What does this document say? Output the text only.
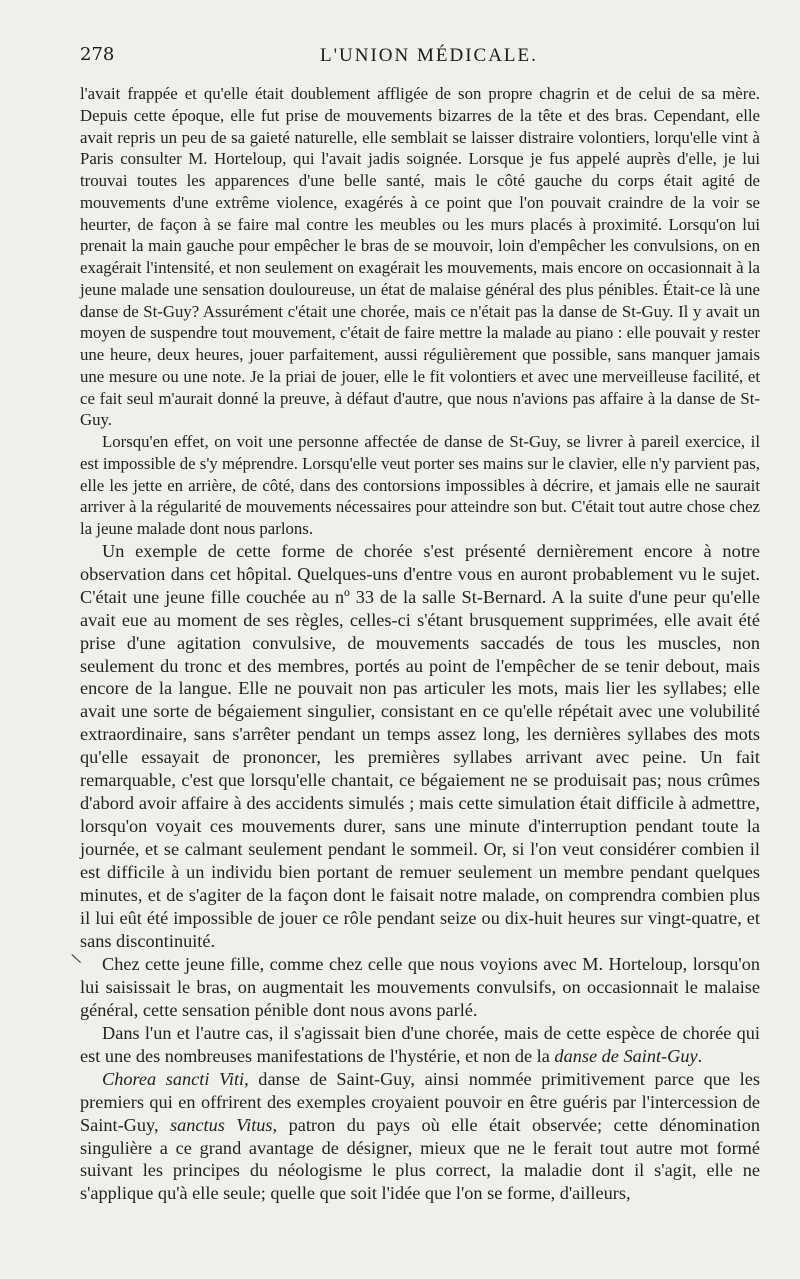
278	L'UNION MÉDICALE.

l'avait frappée et qu'elle était doublement affligée de son propre chagrin et de celui de sa mère. Depuis cette époque, elle fut prise de mouvements bizarres de la tête et des bras. Cependant, elle avait repris un peu de sa gaieté naturelle, elle semblait se laisser distraire volontiers, lorqu'elle vint à Paris consulter M. Horteloup, qui l'avait jadis soignée. Lorsque je fus appelé auprès d'elle, je lui trouvai toutes les apparences d'une belle santé, mais le côté gauche du corps était agité de mouvements d'une extrême violence, exagérés à ce point que l'on pouvait craindre de la voir se heurter, de façon à se faire mal contre les meubles ou les murs placés à proximité. Lorsqu'on lui prenait la main gauche pour empêcher le bras de se mouvoir, loin d'empêcher les convulsions, on en exagérait l'intensité, et non seulement on exagérait les mouvements, mais encore on occasionnait à la jeune malade une sensation douloureuse, un état de malaise général des plus pénibles. Était-ce là une danse de St-Guy? Assurément c'était une chorée, mais ce n'était pas la danse de St-Guy. Il y avait un moyen de suspendre tout mouvement, c'était de faire mettre la malade au piano : elle pouvait y rester une heure, deux heures, jouer parfaitement, aussi régulièrement que possible, sans manquer jamais une mesure ou une note. Je la priai de jouer, elle le fit volontiers et avec une merveilleuse facilité, et ce fait seul m'aurait donné la preuve, à défaut d'autre, que nous n'avions pas affaire à la danse de St-Guy.

Lorsqu'en effet, on voit une personne affectée de danse de St-Guy, se livrer à pareil exercice, il est impossible de s'y méprendre. Lorsqu'elle veut porter ses mains sur le clavier, elle n'y parvient pas, elle les jette en arrière, de côté, dans des contorsions impossibles à décrire, et jamais elle ne saurait arriver à la régularité de mouvements nécessaires pour atteindre son but. C'était tout autre chose chez la jeune malade dont nous parlons.

Un exemple de cette forme de chorée s'est présenté dernièrement encore à notre observation dans cet hôpital. Quelques-uns d'entre vous en auront probablement vu le sujet. C'était une jeune fille couchée au nº 33 de la salle St-Bernard. A la suite d'une peur qu'elle avait eue au moment de ses règles, celles-ci s'étant brusquement supprimées, elle avait été prise d'une agitation convulsive, de mouvements saccadés de tous les muscles, non seulement du tronc et des membres, portés au point de l'empêcher de se tenir debout, mais encore de la langue. Elle ne pouvait non pas articuler les mots, mais lier les syllabes; elle avait une sorte de bégaiement singulier, consistant en ce qu'elle répétait avec une volubilité extraordinaire, sans s'arrêter pendant un temps assez long, les dernières syllabes des mots qu'elle essayait de prononcer, les premières syllabes arrivant avec peine. Un fait remarquable, c'est que lorsqu'elle chantait, ce bégaiement ne se produisait pas; nous crûmes d'abord avoir affaire à des accidents simulés ; mais cette simulation était difficile à admettre, lorsqu'on voyait ces mouvements durer, sans une minute d'interruption pendant toute la journée, et se calmant seulement pendant le sommeil. Or, si l'on veut considérer combien il est difficile à un individu bien portant de remuer seulement un membre pendant quelques minutes, et de s'agiter de la façon dont le faisait notre malade, on comprendra combien plus il lui eût été impossible de jouer ce rôle pendant seize ou dix-huit heures sur vingt-quatre, et sans discontinuité.

Chez cette jeune fille, comme chez celle que nous voyions avec M. Horteloup, lorsqu'on lui saisissait le bras, on augmentait les mouvements convulsifs, on occasionnait le malaise général, cette sensation pénible dont nous avons parlé.

Dans l'un et l'autre cas, il s'agissait bien d'une chorée, mais de cette espèce de chorée qui est une des nombreuses manifestations de l'hystérie, et non de la danse de Saint-Guy.

Chorea sancti Viti, danse de Saint-Guy, ainsi nommée primitivement parce que les premiers qui en offrirent des exemples croyaient pouvoir en être guéris par l'intercession de Saint-Guy, sanctus Vitus, patron du pays où elle était observée; cette dénomination singulière a ce grand avantage de désigner, mieux que ne le ferait tout autre mot formé suivant les principes du néologisme le plus correct, la maladie dont il s'agit, elle ne s'applique qu'à elle seule; quelle que soit l'idée que l'on se forme, d'ailleurs,

\
